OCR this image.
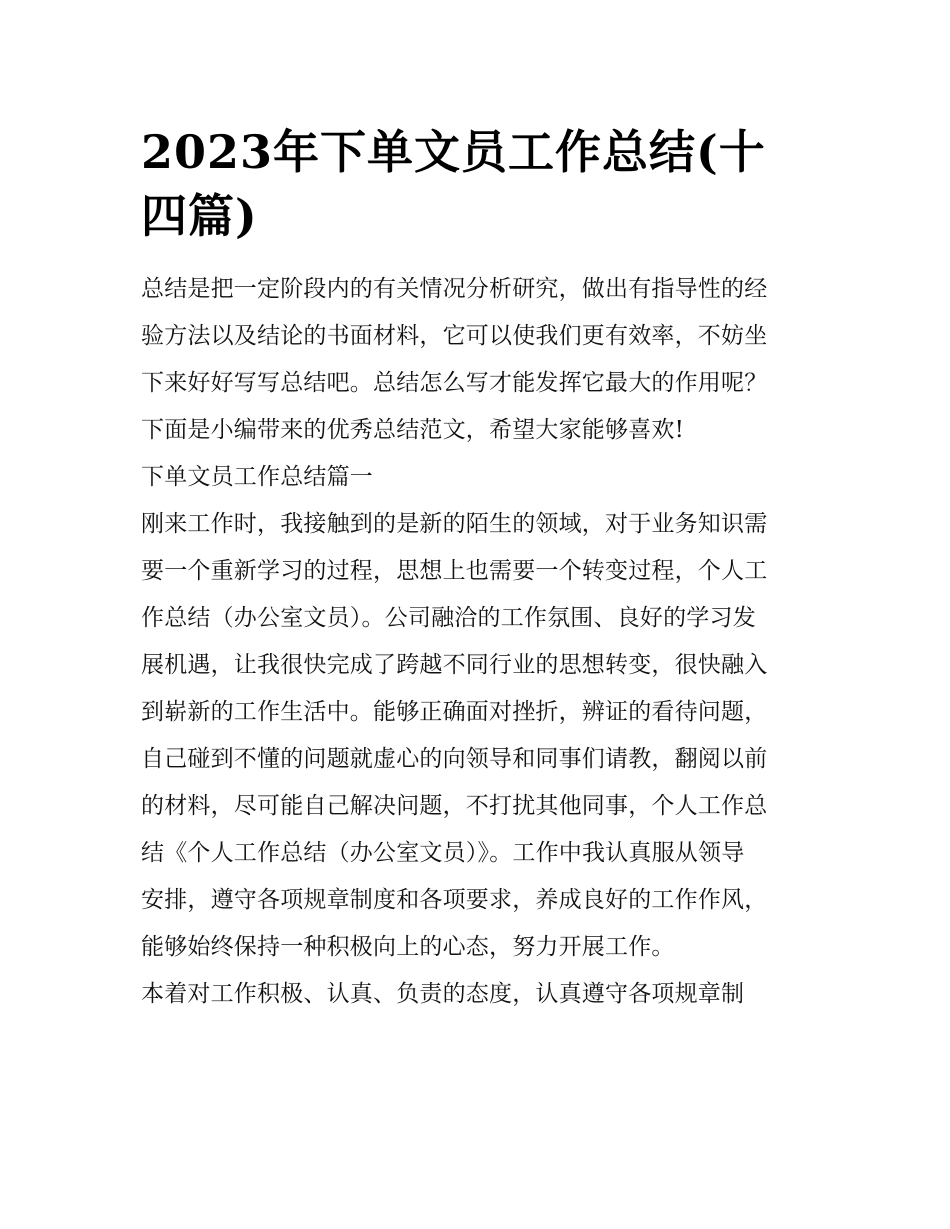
2023年下单文员工作总结(十
四篇)

总结是把一定阶段内的有关情况分析研究，做出有指导性的经
验方法以及结论的书面材料，它可以使我们更有效率，不妨坐
下来好好写写总结吧。总结怎么写才能发挥它最大的作用呢？
下面是小编带来的优秀总结范文，希望大家能够喜欢!

下单文员工作总结篇一

刚来工作时，我接触到的是新的陌生的领域，对于业务知识需
要一个重新学习的过程，思想上也需要一个转变过程，个人工
作总结（办公室文员）。公司融洽的工作氛围、良好的学习发
展机遇，让我很快完成了跨越不同行业的思想转变，很快融入
到崭新的工作生活中。能够正确面对挫折，辨证的看待问题，
自己碰到不懂的问题就虚心的向领导和同事们请教，翻阅以前
的材料，尽可能自己解决问题，不打扰其他同事，个人工作总
结《个人工作总结（办公室文员）》。工作中我认真服从领导
安排，遵守各项规章制度和各项要求，养成良好的工作作风，
能够始终保持一种积极向上的心态，努力开展工作。

本着对工作积极、认真、负责的态度，认真遵守各项规章制
